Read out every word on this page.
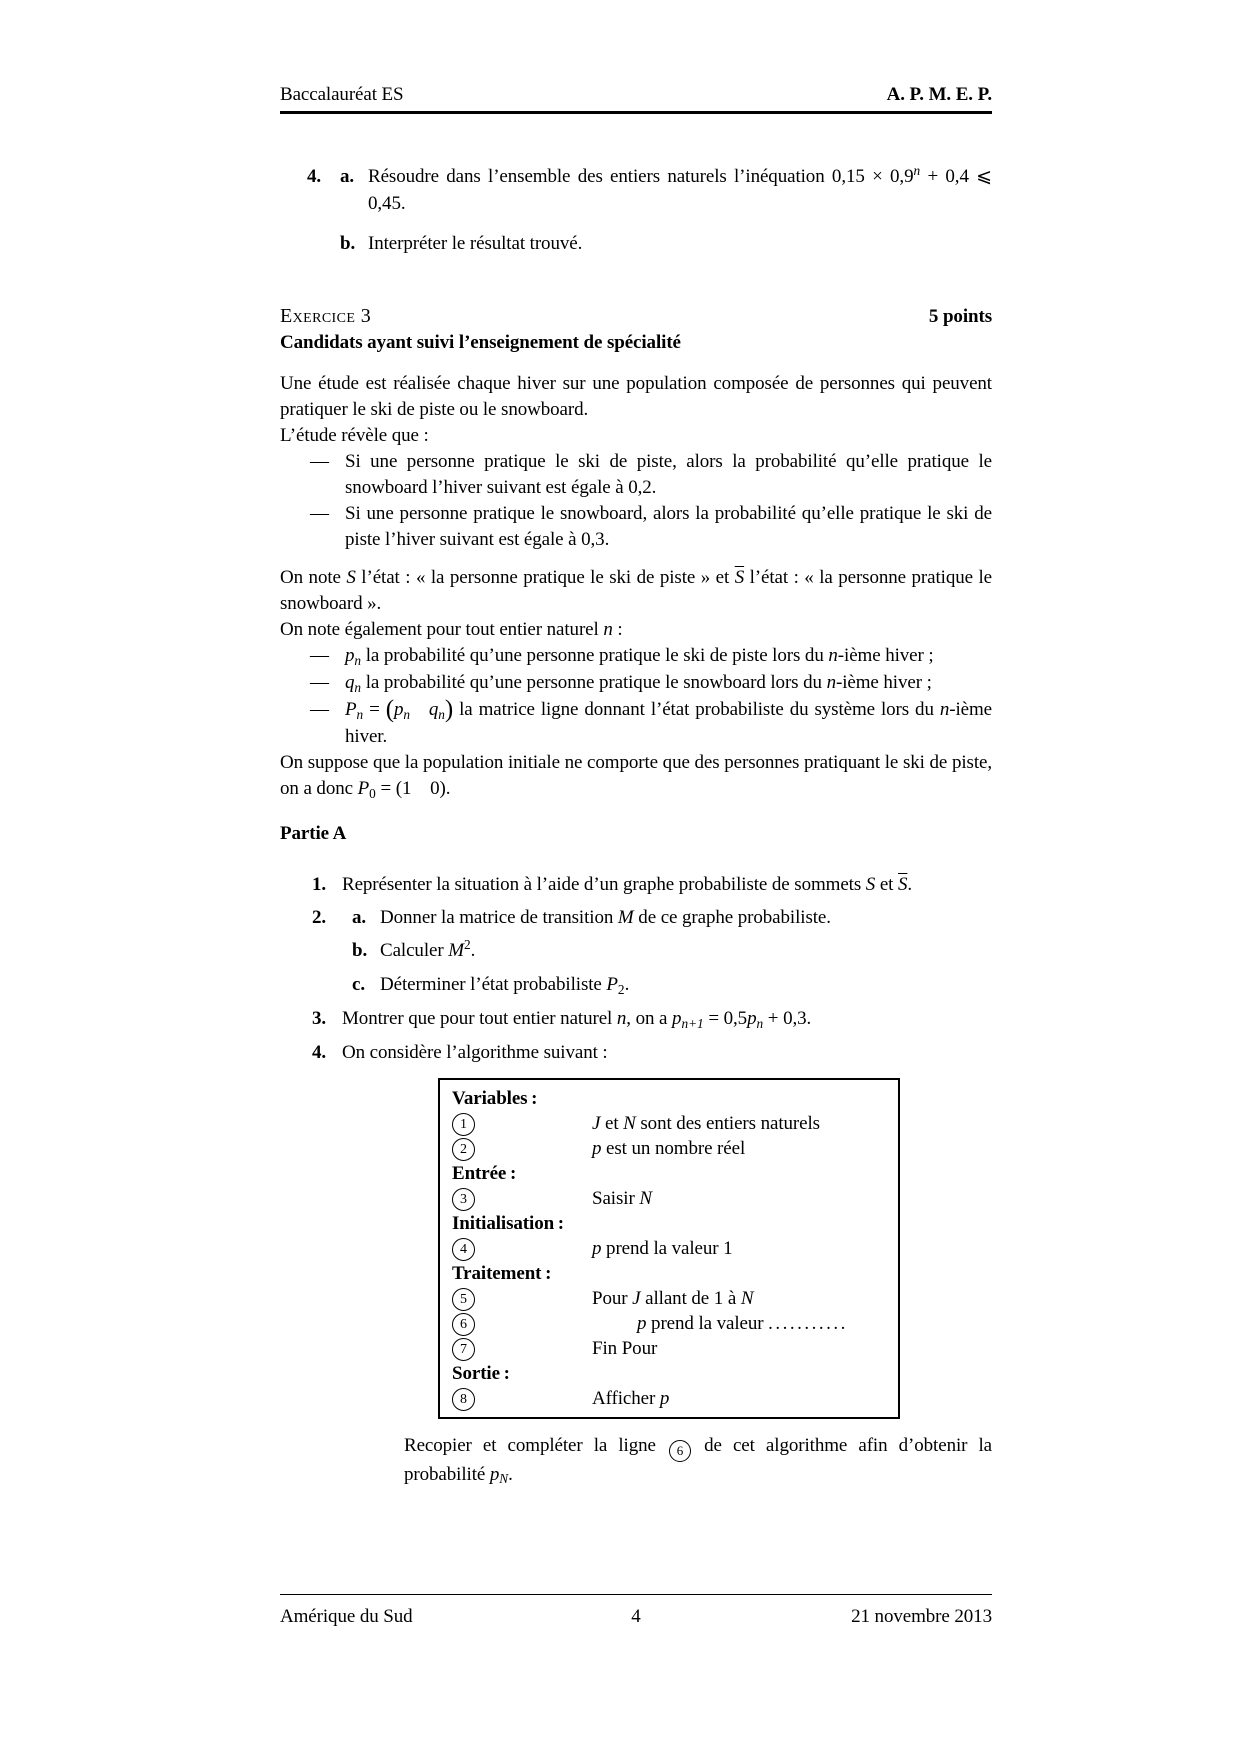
Baccalauréat ES	A. P. M. E. P.
4. a. Résoudre dans l’ensemble des entiers naturels l’inéquation $0,15 \times 0,9^n + 0,4$ ⩽ 0,45.
b. Interpréter le résultat trouvé.
Exercice 3	5 points
Candidats ayant suivi l’enseignement de spécialité
Une étude est réalisée chaque hiver sur une population composée de personnes qui peuvent pratiquer le ski de piste ou le snowboard.
L’étude révèle que :
— Si une personne pratique le ski de piste, alors la probabilité qu’elle pratique le snowboard l’hiver suivant est égale à 0,2.
— Si une personne pratique le snowboard, alors la probabilité qu’elle pratique le ski de piste l’hiver suivant est égale à 0,3.
On note S l’état : « la personne pratique le ski de piste » et $\overline{S}$ l’état : « la personne pratique le snowboard ».
On note également pour tout entier naturel n :
— pn la probabilité qu’une personne pratique le ski de piste lors du n-ième hiver ;
— qn la probabilité qu’une personne pratique le snowboard lors du n-ième hiver ;
— Pn = (pn   qn) la matrice ligne donnant l’état probabiliste du système lors du n-ième hiver.
On suppose que la population initiale ne comporte que des personnes pratiquant le ski de piste, on a donc P0 = (1  0).
Partie A
1. Représenter la situation à l’aide d’un graphe probabiliste de sommets S et $\overline{S}$.
2.	a. Donner la matrice de transition M de ce graphe probabiliste.
b. Calculer $M^2$.
c. Déterminer l’état probabiliste P2.
3. Montrer que pour tout entier naturel n, on a pn+1 = 0,5pn + 0,3.
4. On considère l’algorithme suivant :
Variables :
1	J et N sont des entiers naturels
2	p est un nombre réel
Entrée :
3	Saisir N
Initialisation :
4	p prend la valeur 1
Traitement :
5	Pour J allant de 1 à N
6	p prend la valeur ...........
7	Fin Pour
Sortie :
8	Afficher p
Recopier et compléter la ligne 6 de cet algorithme afin d’obtenir la probabilité pN.
Amérique du Sud	4	21 novembre 2013
